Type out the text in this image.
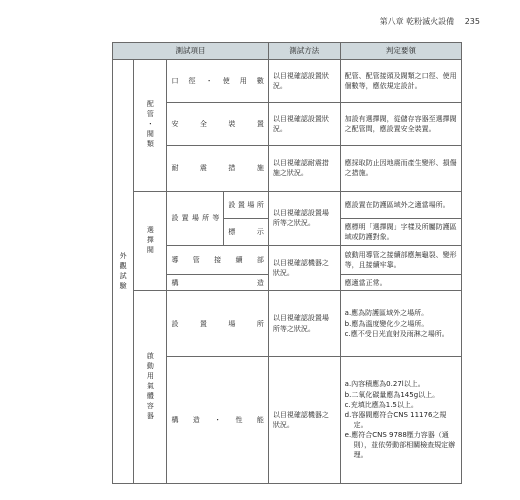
第八章 乾粉滅火設備 235
測試項目				測試方法	判定要領
外觀試驗	配管・閥類	口徑・使用數		以目視確認設置狀況。	配管、配管接頭及閥類之口徑、使用個數等，應依規定設計。
		安全裝置		以目視確認設置狀況。	加設有選擇閥，從儲存容器至選擇閥之配管間，應設置安全裝置。
		耐震措施		以目視確認耐震措施之狀況。	應採取防止因地震而產生變形、損傷之措施。
	選擇閥	設置場所等	設置場所	以目視確認設置場所等之狀況。	應設置在防護區域外之適當場所。
			標示		應標明「選擇閥」字樣及所屬防護區域或防護對象。
		導管接續部		以目視確認機器之狀況。	啟動用導管之接續部應無龜裂、變形等，且接續牢靠。
		構造			應適當正常。
	啟動用氣體容器	設置場所		以目視確認設置場所等之狀況。	a.應為防護區域外之場所。
b.應為溫度變化少之場所。
c.應不受日光直射及雨淋之場所。

		構造・性能		以目視確認機器之狀況。	a.內容積應為0.27l以上。
b.二氧化碳量應為145g以上。
c.充填比應為1.5以上。
d.容器閥應符合CNS 11176之規定。
e.應符合CNS 9788壓力容器（通則），並依勞動部相關檢查規定辦理。
